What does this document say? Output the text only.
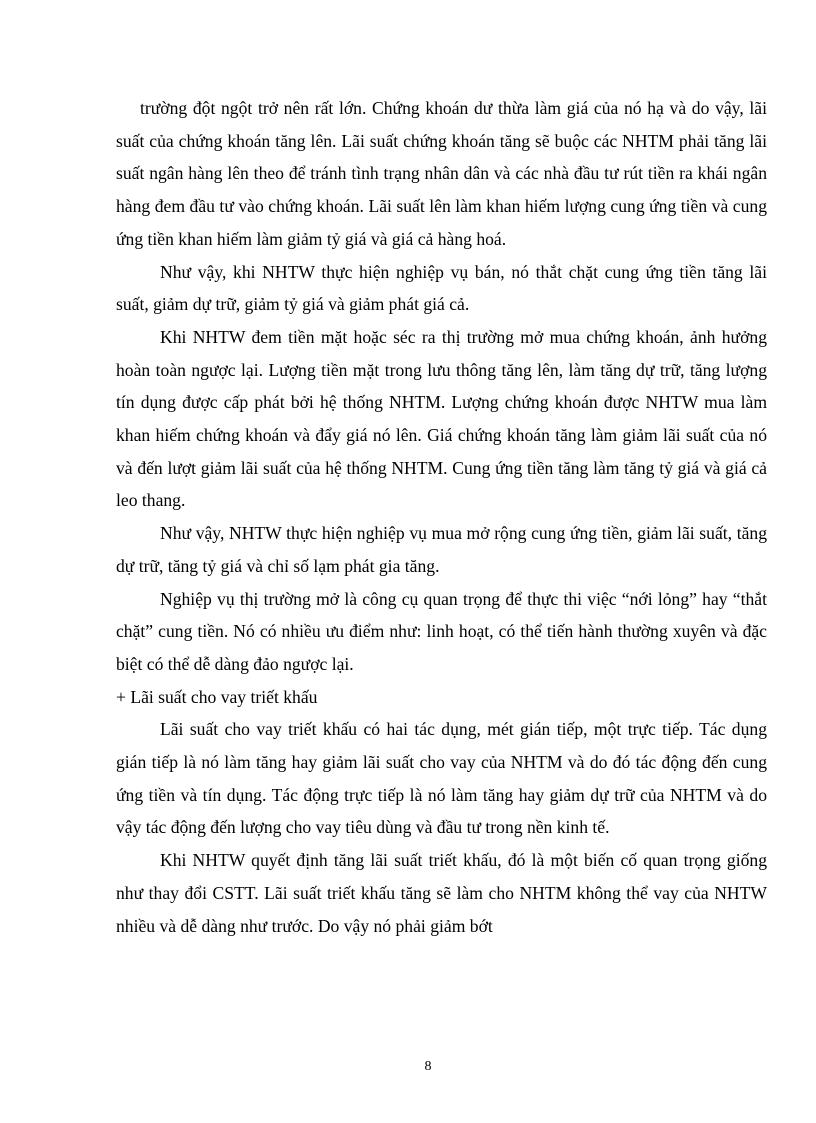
trường đột ngột trở nên rất lớn. Chứng khoán dư thừa làm giá của nó hạ và do vậy, lãi suất của chứng khoán tăng lên. Lãi suất chứng khoán tăng sẽ buộc các NHTM phải tăng lãi suất ngân hàng lên theo để tránh tình trạng nhân dân và các nhà đầu tư rút tiền ra khái ngân hàng đem đầu tư vào chứng khoán. Lãi suất lên làm khan hiếm lượng cung ứng tiền và cung ứng tiền khan hiếm làm giảm tỷ giá và giá cả hàng hoá.

Như vậy, khi NHTW thực hiện nghiệp vụ bán, nó thắt chặt cung ứng tiền tăng lãi suất, giảm dự trữ, giảm tỷ giá và giảm phát giá cả.

Khi NHTW đem tiền mặt hoặc séc ra thị trường mở mua chứng khoán, ảnh hưởng hoàn toàn ngược lại. Lượng tiền mặt trong lưu thông tăng lên, làm tăng dự trữ, tăng lượng tín dụng được cấp phát bởi hệ thống NHTM. Lượng chứng khoán được NHTW mua làm khan hiếm chứng khoán và đẩy giá nó lên. Giá chứng khoán tăng làm giảm lãi suất của nó và đến lượt giảm lãi suất của hệ thống NHTM. Cung ứng tiền tăng làm tăng tỷ giá và giá cả leo thang.

Như vậy, NHTW thực hiện nghiệp vụ mua mở rộng cung ứng tiền, giảm lãi suất, tăng dự trữ, tăng tỷ giá và chỉ số lạm phát gia tăng.

Nghiệp vụ thị trường mở là công cụ quan trọng để thực thi việc “nới lỏng” hay “thắt chặt” cung tiền. Nó có nhiều ưu điểm như: linh hoạt, có thể tiến hành thường xuyên và đặc biệt có thể dễ dàng đảo ngược lại.

+ Lãi suất cho vay triết khấu

Lãi suất cho vay triết khấu có hai tác dụng, mét gián tiếp, một trực tiếp. Tác dụng gián tiếp là nó làm tăng hay giảm lãi suất cho vay của NHTM và do đó tác động đến cung ứng tiền và tín dụng. Tác động trực tiếp là nó làm tăng hay giảm dự trữ của NHTM và do vậy tác động đến lượng cho vay tiêu dùng và đầu tư trong nền kinh tế.

Khi NHTW quyết định tăng lãi suất triết khấu, đó là một biến cố quan trọng giống như thay đổi CSTT. Lãi suất triết khấu tăng sẽ làm cho NHTM không thể vay của NHTW nhiều và dễ dàng như trước. Do vậy nó phải giảm bớt

8
